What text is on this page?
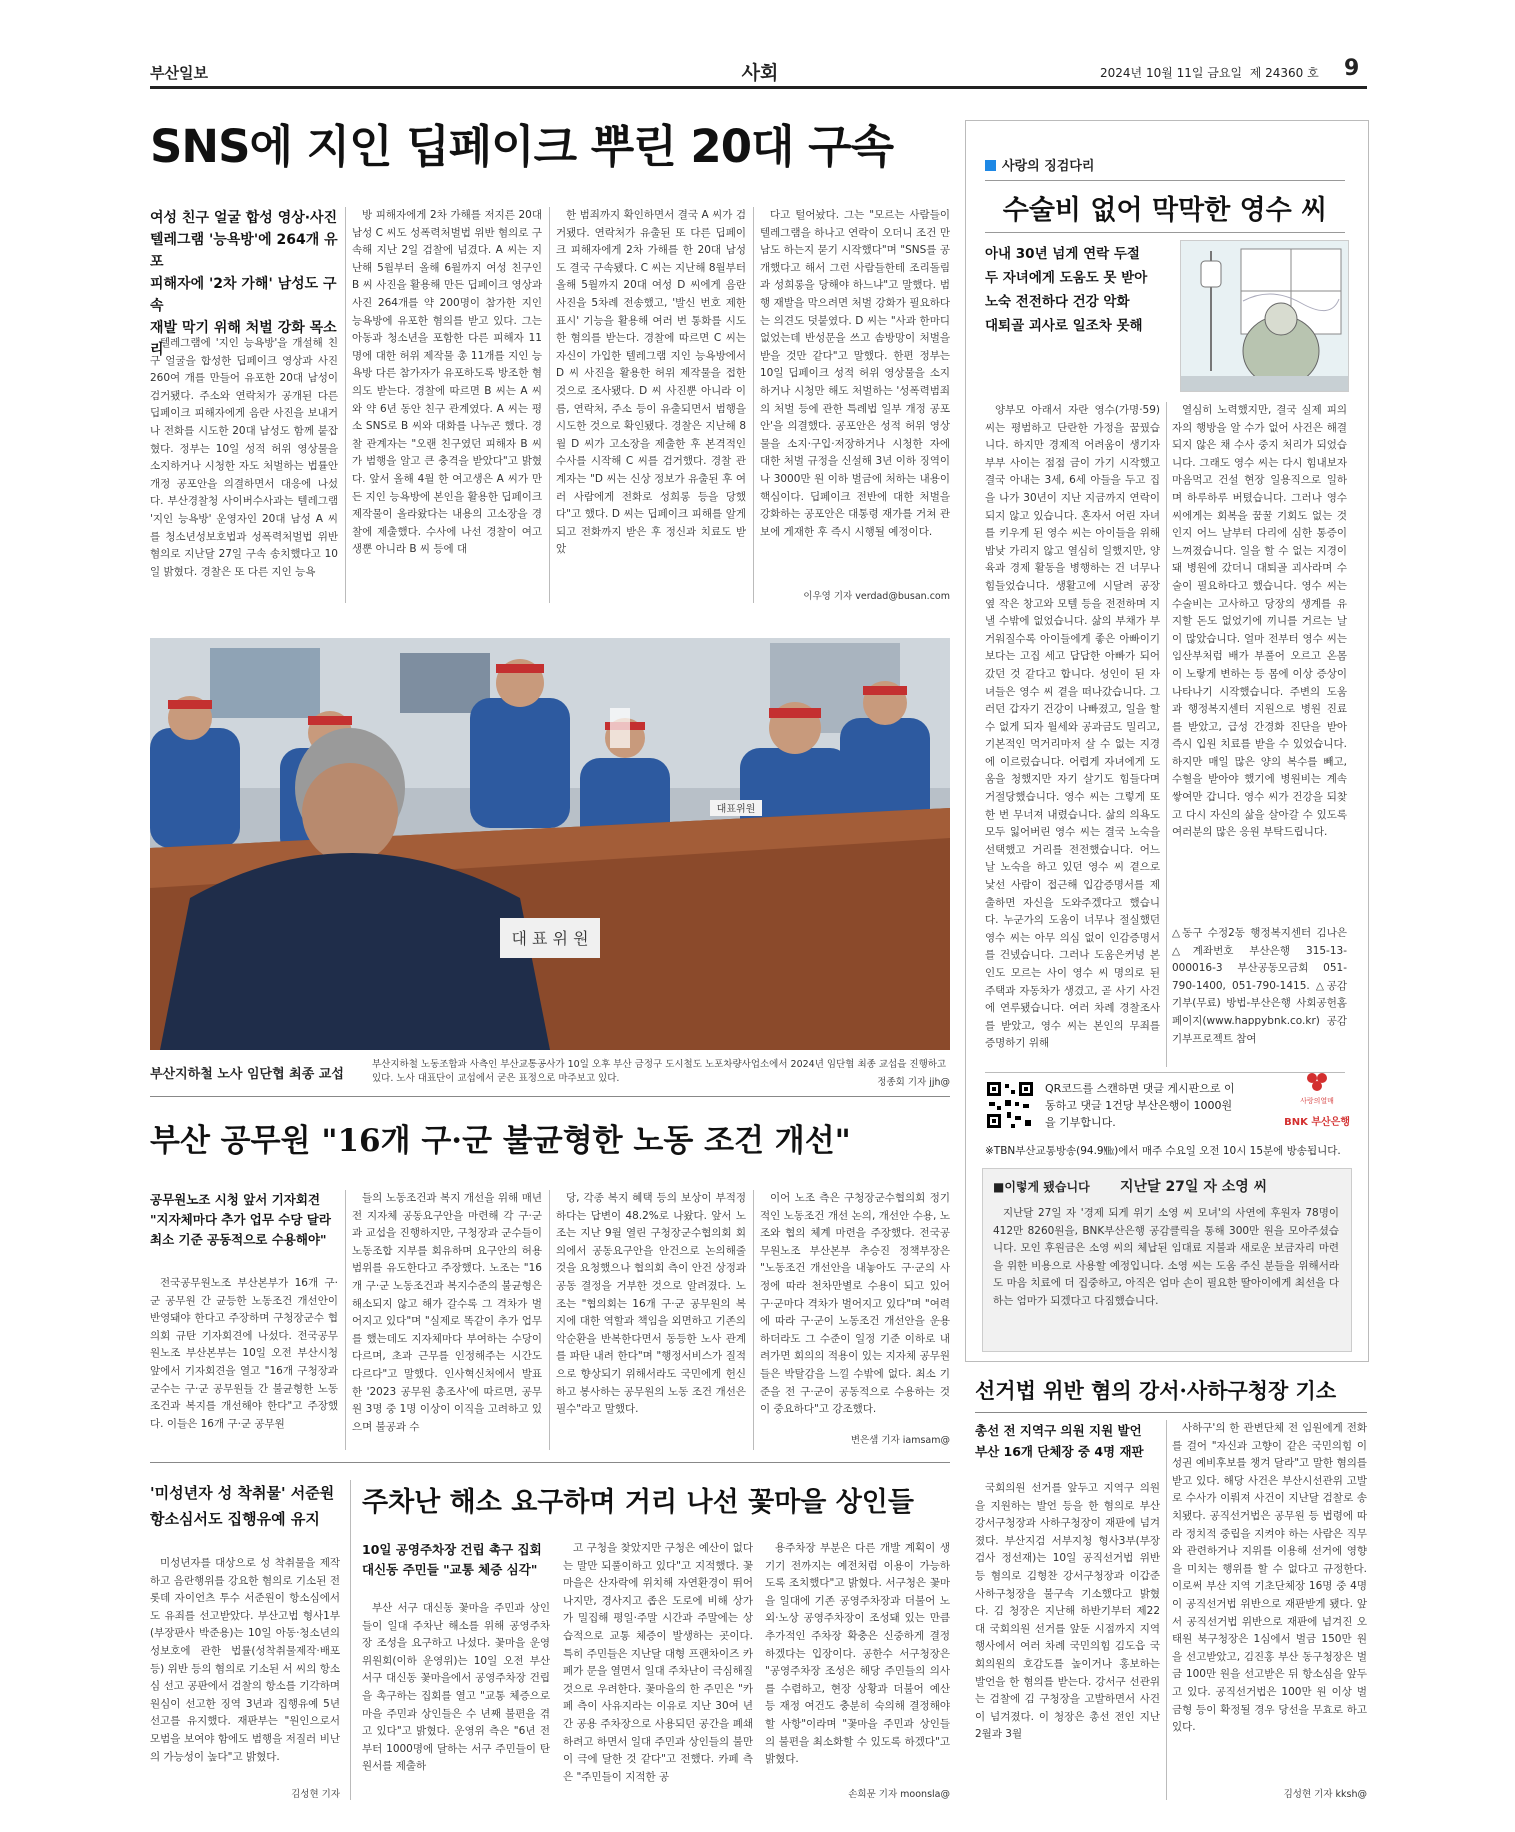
부산일보	사회	2024년 10월 11일 금요일 제 24360 호 9
SNS에 지인 딥페이크 뿌린 20대 구속
여성 친구 얼굴 합성 영상·사진
텔레그램 '능욕방'에 264개 유포
피해자에 '2차 가해' 남성도 구속
재발 막기 위해 처벌 강화 목소리

텔레그램에 '지인 능욕방'을 개설해 친구 얼굴을 합성한 딥페이크 영상과 사진 260여 개를 만들어 유포한 20대 남성이 검거됐다. 주소와 연락처가 공개된 다른 딥페이크 피해자에게 음란 사진을 보내거나 전화를 시도한 20대 남성도 함께 붙잡혔다. 정부는 10일 성적 허위 영상물을 소지하거나 시청한 자도 처벌하는 법률안 개정 공포안을 의결하면서 대응에 나섰다. 부산경찰청 사이버수사과는 텔레그램 '지인 능욕방' 운영자인 20대 남성 A 씨를 청소년성보호법과 성폭력처벌법 위반 혐의로 지난달 27일 구속 송치했다고 10일 밝혔다. 경찰은 또 다른 지인 능욕

방 피해자에게 2차 가해를 저지른 20대 남성 C 씨도 성폭력처벌법 위반 혐의로 구속해 지난 2일 검찰에 넘겼다. A 씨는 지난해 5월부터 올해 6월까지 여성 친구인 B 씨 사진을 활용해 만든 딥페이크 영상과 사진 264개를 약 200명이 참가한 지인 능욕방에 유포한 혐의를 받고 있다. 그는 아동과 청소년을 포함한 다른 피해자 11명에 대한 허위 제작물 총 11개를 지인 능욕방 다른 참가자가 유포하도록 방조한 혐의도 받는다. 경찰에 따르면 B 씨는 A 씨와 약 6년 동안 친구 관계였다. A 씨는 평소 SNS로 B 씨와 대화를 나누곤 했다. 경찰 관계자는 "오랜 친구였던 피해자 B 씨가 범행을 알고 큰 충격을 받았다"고 밝혔다. 앞서 올해 4월 한 여고생은 A 씨가 만든 지인 능욕방에 본인을 활용한 딥페이크 제작물이 올라왔다는 내용의 고소장을 경찰에 제출했다. 수사에 나선 경찰이 여고생뿐 아니라 B 씨 등에 대

한 범죄까지 확인하면서 결국 A 씨가 검거됐다. 연락처가 유출된 또 다른 딥페이크 피해자에게 2차 가해를 한 20대 남성도 결국 구속됐다. C 씨는 지난해 8월부터 올해 5월까지 20대 여성 D 씨에게 음란 사진을 5차례 전송했고, '발신 번호 제한 표시' 기능을 활용해 여러 번 통화를 시도한 혐의를 받는다. 경찰에 따르면 C 씨는 자신이 가입한 텔레그램 지인 능욕방에서 D 씨 사진을 활용한 허위 제작물을 접한 것으로 조사됐다. D 씨 사진뿐 아니라 이름, 연락처, 주소 등이 유출되면서 범행을 시도한 것으로 확인됐다. 경찰은 지난해 8월 D 씨가 고소장을 제출한 후 본격적인 수사를 시작해 C 씨를 검거했다. 경찰 관계자는 "D 씨는 신상 정보가 유출된 후 여러 사람에게 전화로 성희롱 등을 당했다"고 했다. D 씨는 딥페이크 피해를 알게 되고 전화까지 받은 후 정신과 치료도 받았

다고 털어놨다. 그는 "모르는 사람들이 텔레그램을 하나고 연락이 오더니 조건 만남도 하는지 묻기 시작했다"며 "SNS를 공개했다고 해서 그런 사람들한테 조리돌림과 성희롱을 당해야 하느냐"고 말했다. 범행 재발을 막으려면 처벌 강화가 필요하다는 의견도 덧붙였다. D 씨는 "사과 한마디 없었는데 반성문을 쓰고 솜방망이 처벌을 받을 것만 같다"고 말했다. 한편 정부는 10일 딥페이크 성적 허위 영상물을 소지하거나 시청만 해도 처벌하는 '성폭력범죄의 처벌 등에 관한 특례법 일부 개정 공포안'을 의결했다. 공포안은 성적 허위 영상물을 소지·구입·저장하거나 시청한 자에 대한 처벌 규정을 신설해 3년 이하 징역이나 3000만 원 이하 벌금에 처하는 내용이 핵심이다. 딥페이크 전반에 대한 처벌을 강화하는 공포안은 대통령 재가를 거쳐 관보에 게재한 후 즉시 시행될 예정이다.

이우영 기자 verdad@busan.com
대표위원
대 표 위 원
부산지하철 노사 임단협 최종 교섭
부산지하철 노동조합과 사측인 부산교통공사가 10일 오후 부산 금정구 도시철도 노포차량사업소에서 2024년 임단협 최종 교섭을 진행하고 있다. 노사 대표단이 교섭에서 굳은 표정으로 마주보고 있다.	정종회 기자 jjh@
부산 공무원 "16개 구·군 불균형한 노동 조건 개선"
공무원노조 시청 앞서 기자회견
"지자체마다 추가 업무 수당 달라
최소 기준 공동적으로 수용해야"

전국공무원노조 부산본부가 16개 구·군 공무원 간 균등한 노동조건 개선안이 반영돼야 한다고 주장하며 구청장군수 협의회 규탄 기자회견에 나섰다. 전국공무원노조 부산본부는 10일 오전 부산시청 앞에서 기자회견을 열고 "16개 구청장과 군수는 구·군 공무원들 간 불균형한 노동조건과 복지를 개선해야 한다"고 주장했다. 이들은 16개 구·군 공무원

들의 노동조건과 복지 개선을 위해 매년 전 지자체 공동요구안을 마련해 각 구·군과 교섭을 진행하지만, 구청장과 군수들이 노동조합 지부를 회유하며 요구안의 허용범위를 유도한다고 주장했다. 노조는 "16개 구·군 노동조건과 복지수준의 불균형은 해소되지 않고 해가 갈수록 그 격차가 벌어지고 있다"며 "실제로 똑같이 추가 업무를 했는데도 지자체마다 부여하는 수당이 다르며, 초과 근무를 인정해주는 시간도 다르다"고 말했다. 인사혁신처에서 발표한 '2023 공무원 총조사'에 따르면, 공무원 3명 중 1명 이상이 이직을 고려하고 있으며 불공과 수

당, 각종 복지 혜택 등의 보상이 부적정하다는 답변이 48.2%로 나왔다. 앞서 노조는 지난 9월 열린 구청장군수협의회 회의에서 공동요구안을 안건으로 논의해줄 것을 요청했으나 협의회 측이 안건 상정과 공동 결정을 거부한 것으로 알려졌다. 노조는 "협의회는 16개 구·군 공무원의 복지에 대한 역할과 책임을 외면하고 기존의 악순환을 반복한다면서 동등한 노사 관계를 파탄 내려 한다"며 "행정서비스가 질적으로 향상되기 위해서라도 국민에게 헌신하고 봉사하는 공무원의 노동 조건 개선은 필수"라고 말했다.

이어 노조 측은 구청장군수협의회 정기적인 노동조건 개선 논의, 개선안 수용, 노조와 협의 체계 마련을 주장했다. 전국공무원노조 부산본부 추승진 정책부장은 "노동조건 개선안을 내놓아도 구·군의 사정에 따라 천차만별로 수용이 되고 있어 구·군마다 격차가 벌어지고 있다"며 "여력에 따라 구·군이 노동조건 개선안을 운용하더라도 그 수준이 일정 기준 이하로 내려가면 회의의 적용이 있는 지자체 공무원들은 박탈감을 느낄 수밖에 없다. 최소 기준을 전 구·군이 공동적으로 수용하는 것이 중요하다"고 강조했다.

변은샘 기자 iamsam@
'미성년자 성 착취물' 서준원
항소심서도 집행유예 유지

미성년자를 대상으로 성 착취물을 제작하고 음란행위를 강요한 혐의로 기소된 전 롯데 자이언츠 투수 서준원이 항소심에서도 유죄를 선고받았다. 부산고법 형사1부(부장판사 박준용)는 10일 아동·청소년의 성보호에 관한 법률(성착취물제작·배포 등) 위반 등의 혐의로 기소된 서 씨의 항소심 선고 공판에서 검찰의 항소를 기각하며 원심이 선고한 징역 3년과 집행유예 5년 선고를 유지했다. 재판부는 "원인으로서 모범을 보여야 함에도 범행을 저질러 비난의 가능성이 높다"고 밝혔다.

김성현 기자
주차난 해소 요구하며 거리 나선 꽃마을 상인들
10일 공영주차장 건립 촉구 집회
대신동 주민들 "교통 체증 심각"

부산 서구 대신동 꽃마을 주민과 상인들이 일대 주차난 해소를 위해 공영주차장 조성을 요구하고 나섰다. 꽃마을 운영위원회(이하 운영위)는 10일 오전 부산 서구 대신동 꽃마을에서 공영주차장 건립을 촉구하는 집회를 열고 "교통 체증으로 마을 주민과 상인들은 수 년째 불편을 겪고 있다"고 밝혔다. 운영위 측은 "6년 전부터 1000명에 달하는 서구 주민들이 탄원서를 제출하

고 구청을 찾았지만 구청은 예산이 없다는 말만 되풀이하고 있다"고 지적했다. 꽃마을은 산자락에 위치해 자연환경이 뛰어나지만, 경사지고 좁은 도로에 비해 상가가 밀집해 평일·주말 시간과 주말에는 상습적으로 교통 체증이 발생하는 곳이다. 특히 주민들은 지난달 대형 프랜차이즈 카페가 문을 열면서 일대 주차난이 극심해질 것으로 우려한다. 꽃마을의 한 주민은 "카페 측이 사유지라는 이유로 지난 30여 년간 공용 주차장으로 사용되던 공간을 폐쇄하려고 하면서 일대 주민과 상인들의 불만이 극에 달한 것 같다"고 전했다. 카페 측은 "주민들이 지적한 공

용주차장 부분은 다른 개발 계획이 생기기 전까지는 예전처럼 이용이 가능하도록 조치했다"고 밝혔다. 서구청은 꽃마을 일대에 기존 공영주차장과 더불어 노외·노상 공영주차장이 조성돼 있는 만큼 추가적인 주차장 확충은 신중하게 결정하겠다는 입장이다. 공한수 서구청장은 "공영주차장 조성은 해당 주민들의 의사를 수렴하고, 현장 상황과 더불어 예산 등 재정 여건도 충분히 숙의해 결정해야 할 사항"이라며 "꽃마을 주민과 상인들의 불편을 최소화할 수 있도록 하겠다"고 밝혔다.

손희문 기자 moonsla@
사랑의 징검다리
수술비 없어 막막한 영수 씨
아내 30년 넘게 연락 두절
두 자녀에게 도움도 못 받아
노숙 전전하다 건강 악화
대퇴골 괴사로 일조차 못해

양부모 아래서 자란 영수(가명·59) 씨는 평범하고 단란한 가정을 꿈꿨습니다. 하지만 경제적 어려움이 생기자 부부 사이는 점점 금이 가기 시작했고 결국 아내는 3세, 6세 아들을 두고 집을 나가 30년이 지난 지금까지 연락이 되지 않고 있습니다. 혼자서 어린 자녀를 키우게 된 영수 씨는 아이들을 위해 밤낮 가리지 않고 열심히 일했지만, 양육과 경제 활동을 병행하는 건 너무나 힘들었습니다. 생활고에 시달려 공장 옆 작은 창고와 모텔 등을 전전하며 지낼 수밖에 없었습니다. 삶의 부채가 부거워질수록 아이들에게 좋은 아빠이기보다는 고집 세고 답답한 아빠가 되어갔던 것 같다고 합니다. 성인이 된 자녀들은 영수 씨 곁을 떠나갔습니다. 그러던 갑자기 건강이 나빠졌고, 일을 할 수 없게 되자 월세와 공과금도 밀리고, 기본적인 먹거리마저 살 수 없는 지경에 이르렀습니다. 어렵게 자녀에게 도움을 청했지만 자기 살기도 힘들다며 거절당했습니다. 영수 씨는 그렇게 또 한 번 무너져 내렸습니다. 삶의 의욕도 모두 잃어버린 영수 씨는 결국 노숙을 선택했고 거리를 전전했습니다. 어느 날 노숙을 하고 있던 영수 씨 곁으로 낯선 사람이 접근해 입감증명서를 제출하면 자신을 도와주겠다고 했습니다. 누군가의 도움이 너무나 절실했던 영수 씨는 아무 의심 없이 인감증명서를 건넸습니다. 그러나 도움은커녕 본인도 모르는 사이 영수 씨 명의로 된 주택과 자동차가 생겼고, 곧 사기 사건에 연루됐습니다. 여러 차례 경찰조사를 받았고, 영수 씨는 본인의 무죄를 증명하기 위해

열심히 노력했지만, 결국 실제 피의자의 행방을 알 수가 없어 사건은 해결되지 않은 채 수사 중지 처리가 되었습니다. 그래도 영수 씨는 다시 힘내보자 마음먹고 건설 현장 일용직으로 일하며 하루하루 버텼습니다. 그러나 영수 씨에게는 회복을 꿈꿀 기회도 없는 것인지 어느 날부터 다리에 심한 통증이 느껴졌습니다. 일을 할 수 없는 지경이 돼 병원에 갔더니 대퇴골 괴사라며 수술이 필요하다고 했습니다. 영수 씨는 수술비는 고사하고 당장의 생계를 유지할 돈도 없었기에 끼니를 거르는 날이 많았습니다. 얼마 전부터 영수 씨는 임산부처럼 배가 부풀어 오르고 온몸이 노랗게 변하는 등 몸에 이상 증상이 나타나기 시작했습니다. 주변의 도움과 행정복지센터 지원으로 병원 진료를 받았고, 급성 간경화 진단을 받아 즉시 입원 치료를 받을 수 있었습니다. 하지만 매일 많은 양의 복수를 빼고, 수혈을 받아야 했기에 병원비는 계속 쌓여만 갑니다. 영수 씨가 건강을 되찾고 다시 자신의 삶을 살아갈 수 있도록 여러분의 많은 응원 부탁드립니다.

△동구 수정2동 행정복지센터 김나은 △계좌번호 부산은행 315-13-000016-3 부산공동모금회 051-790-1400, 051-790-1415. △공감기부(무료) 방법-부산은행 사회공헌홈페이지(www.happybnk.co.kr) 공감기부프로젝트 참여

QR코드를 스캔하면 댓글 게시판으로 이동하고 댓글 1건당 부산은행이 1000원을 기부합니다.
사랑의열매
BNK 부산은행
※TBN부산교통방송(94.9㎒)에서 매주 수요일 오전 10시 15분에 방송됩니다.
■이렇게 됐습니다 지난달 27일 자 소영 씨

지난달 27일 자 '경제 되게 위기 소영 씨 모녀'의 사연에 후원자 78명이 412만 8260원을, BNK부산은행 공감클릭을 통해 300만 원을 모아주셨습니다. 모인 후원금은 소영 씨의 체납된 임대료 지불과 새로운 보금자리 마련을 위한 비용으로 사용할 예정입니다. 소영 씨는 도움 주신 분들을 위해서라도 마음 치료에 더 집중하고, 아직은 엄마 손이 필요한 딸아이에게 최선을 다하는 엄마가 되겠다고 다짐했습니다.

선거법 위반 혐의 강서·사하구청장 기소
총선 전 지역구 의원 지원 발언
부산 16개 단체장 중 4명 재판

국회의원 선거를 앞두고 지역구 의원을 지원하는 발언 등을 한 혐의로 부산 강서구청장과 사하구청장이 재판에 넘겨졌다. 부산지검 서부지청 형사3부(부장검사 정선재)는 10일 공직선거법 위반 등 혐의로 김형찬 강서구청장과 이갑준 사하구청장을 불구속 기소했다고 밝혔다. 김 청장은 지난해 하반기부터 제22대 국회의원 선거를 앞둔 시점까지 지역 행사에서 여러 차례 국민의힘 김도읍 국회의원의 호감도를 높이거나 홍보하는 발언을 한 혐의를 받는다. 강서구 선관위는 검찰에 김 구청장을 고발하면서 사건이 넘겨졌다. 이 청장은 총선 전인 지난 2월과 3월

사하구'의 한 관변단체 전 임원에게 전화를 걸어 "자신과 고향이 같은 국민의힘 이성권 예비후보를 챙겨 달라"고 말한 혐의를 받고 있다. 해당 사건은 부산시선관위 고발로 수사가 이뤄져 사건이 지난달 검찰로 송치됐다. 공직선거법은 공무원 등 법령에 따라 정치적 중립을 지켜야 하는 사람은 직무와 관련하거나 지위를 이용해 선거에 영향을 미치는 행위를 할 수 없다고 규정한다. 이로써 부산 지역 기초단체장 16명 중 4명이 공직선거법 위반으로 재판받게 됐다. 앞서 공직선거법 위반으로 재판에 넘겨진 오태원 북구청장은 1심에서 벌금 150만 원을 선고받았고, 김진홍 부산 동구청장은 벌금 100만 원을 선고받은 뒤 항소심을 앞두고 있다. 공직선거법은 100만 원 이상 벌금형 등이 확정될 경우 당선을 무효로 하고 있다.

김성현 기자 kksh@
